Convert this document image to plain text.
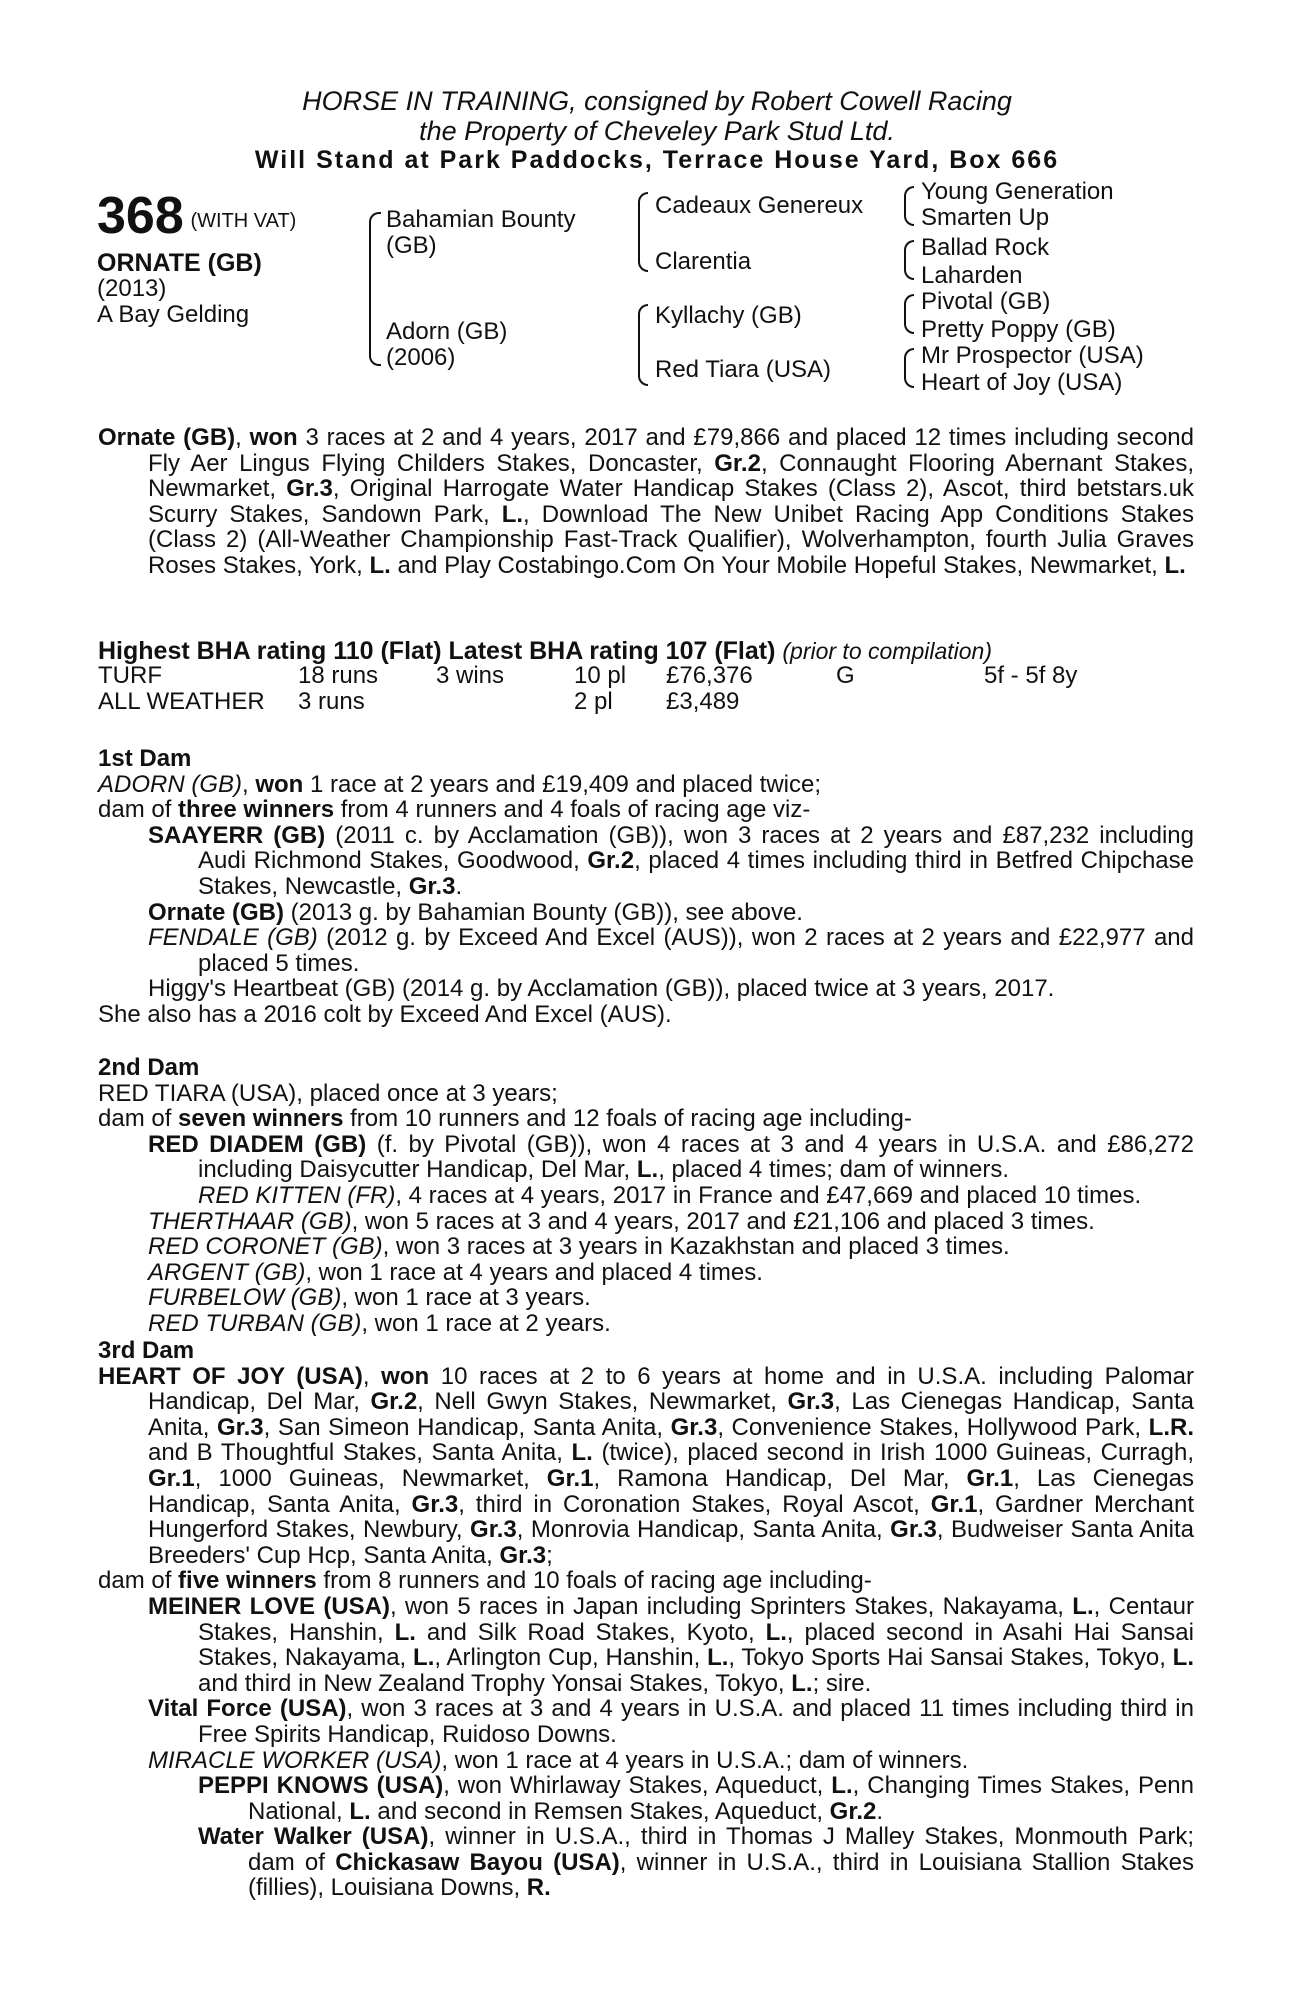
HORSE IN TRAINING, consigned by Robert Cowell Racing
the Property of Cheveley Park Stud Ltd.
Will Stand at Park Paddocks, Terrace House Yard, Box 666
368 $^{(WITH VAT)}$
ORNATE (GB)
(2013)
A Bay Gelding
Bahamian Bounty
(GB)
Adorn (GB)
(2006)
Cadeaux Genereux
Clarentia
Kyllachy (GB)
Red Tiara (USA)
Young Generation
Smarten Up
Ballad Rock
Laharden
Pivotal (GB)
Pretty Poppy (GB)
Mr Prospector (USA)
Heart of Joy (USA)

Ornate (GB), won 3 races at 2 and 4 years, 2017 and £79,866 and placed 12 times including second Fly Aer Lingus Flying Childers Stakes, Doncaster, Gr.2, Connaught Flooring Abernant Stakes, Newmarket, Gr.3, Original Harrogate Water Handicap Stakes (Class 2), Ascot, third betstars.uk Scurry Stakes, Sandown Park, L., Download The New Unibet Racing App Conditions Stakes (Class 2) (All-Weather Championship Fast-Track Qualifier), Wolverhampton, fourth Julia Graves Roses Stakes, York, L. and Play Costabingo.Com On Your Mobile Hopeful Stakes, Newmarket, L.

Highest BHA rating 110 (Flat) Latest BHA rating 107 (Flat) (prior to compilation)
TURF	18 runs	3 wins	10 pl	£76,376	G	5f - 5f 8y
ALL WEATHER	3 runs		2 pl	£3,489		
1st Dam

ADORN (GB), won 1 race at 2 years and £19,409 and placed twice;

dam of three winners from 4 runners and 4 foals of racing age viz-

SAAYERR (GB) (2011 c. by Acclamation (GB)), won 3 races at 2 years and £87,232 including Audi Richmond Stakes, Goodwood, Gr.2, placed 4 times including third in Betfred Chipchase Stakes, Newcastle, Gr.3.

Ornate (GB) (2013 g. by Bahamian Bounty (GB)), see above.

FENDALE (GB) (2012 g. by Exceed And Excel (AUS)), won 2 races at 2 years and £22,977 and placed 5 times.

Higgy's Heartbeat (GB) (2014 g. by Acclamation (GB)), placed twice at 3 years, 2017.

She also has a 2016 colt by Exceed And Excel (AUS).

2nd Dam

RED TIARA (USA), placed once at 3 years;

dam of seven winners from 10 runners and 12 foals of racing age including-

RED DIADEM (GB) (f. by Pivotal (GB)), won 4 races at 3 and 4 years in U.S.A. and £86,272 including Daisycutter Handicap, Del Mar, L., placed 4 times; dam of winners.

RED KITTEN (FR), 4 races at 4 years, 2017 in France and £47,669 and placed 10 times.

THERTHAAR (GB), won 5 races at 3 and 4 years, 2017 and £21,106 and placed 3 times.

RED CORONET (GB), won 3 races at 3 years in Kazakhstan and placed 3 times.

ARGENT (GB), won 1 race at 4 years and placed 4 times.

FURBELOW (GB), won 1 race at 3 years.

RED TURBAN (GB), won 1 race at 2 years.

3rd Dam

HEART OF JOY (USA), won 10 races at 2 to 6 years at home and in U.S.A. including Palomar Handicap, Del Mar, Gr.2, Nell Gwyn Stakes, Newmarket, Gr.3, Las Cienegas Handicap, Santa Anita, Gr.3, San Simeon Handicap, Santa Anita, Gr.3, Convenience Stakes, Hollywood Park, L.R. and B Thoughtful Stakes, Santa Anita, L. (twice), placed second in Irish 1000 Guineas, Curragh, Gr.1, 1000 Guineas, Newmarket, Gr.1, Ramona Handicap, Del Mar, Gr.1, Las Cienegas Handicap, Santa Anita, Gr.3, third in Coronation Stakes, Royal Ascot, Gr.1, Gardner Merchant Hungerford Stakes, Newbury, Gr.3, Monrovia Handicap, Santa Anita, Gr.3, Budweiser Santa Anita Breeders' Cup Hcp, Santa Anita, Gr.3;

dam of five winners from 8 runners and 10 foals of racing age including-

MEINER LOVE (USA), won 5 races in Japan including Sprinters Stakes, Nakayama, L., Centaur Stakes, Hanshin, L. and Silk Road Stakes, Kyoto, L., placed second in Asahi Hai Sansai Stakes, Nakayama, L., Arlington Cup, Hanshin, L., Tokyo Sports Hai Sansai Stakes, Tokyo, L. and third in New Zealand Trophy Yonsai Stakes, Tokyo, L.; sire.

Vital Force (USA), won 3 races at 3 and 4 years in U.S.A. and placed 11 times including third in Free Spirits Handicap, Ruidoso Downs.

MIRACLE WORKER (USA), won 1 race at 4 years in U.S.A.; dam of winners.

PEPPI KNOWS (USA), won Whirlaway Stakes, Aqueduct, L., Changing Times Stakes, Penn National, L. and second in Remsen Stakes, Aqueduct, Gr.2.

Water Walker (USA), winner in U.S.A., third in Thomas J Malley Stakes, Monmouth Park; dam of Chickasaw Bayou (USA), winner in U.S.A., third in Louisiana Stallion Stakes (fillies), Louisiana Downs, R.
